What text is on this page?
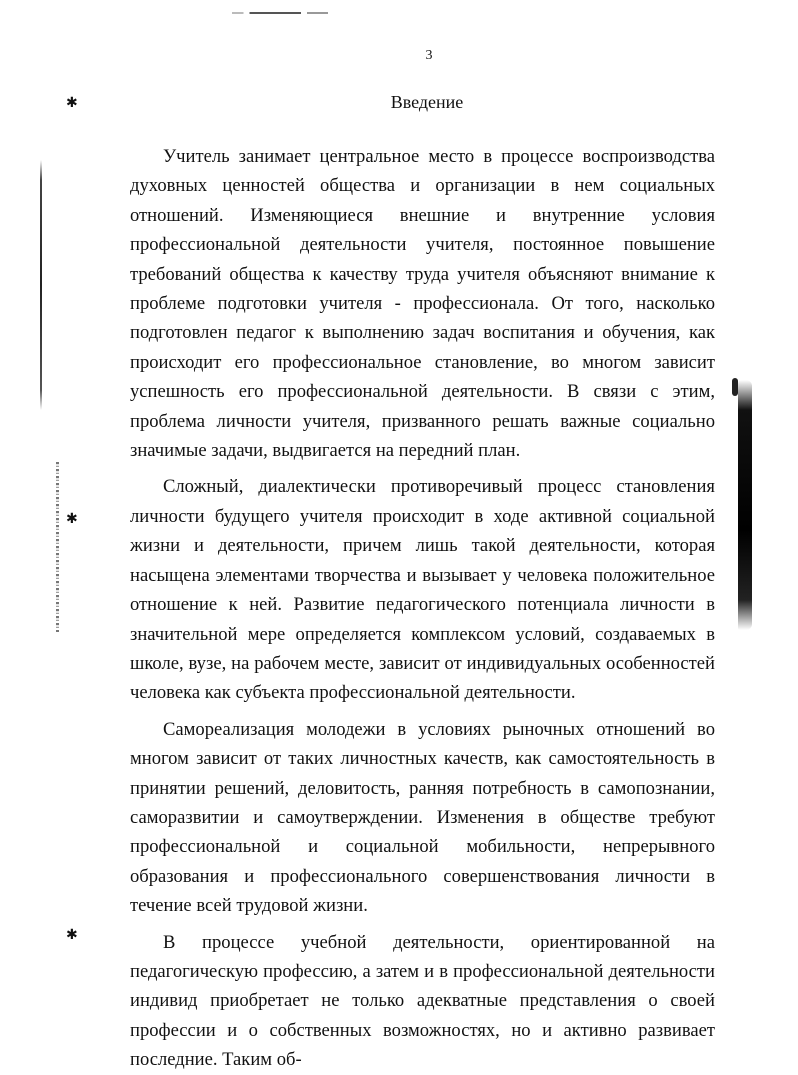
3
Введение

Учитель занимает центральное место в процессе воспроизводства духовных ценностей общества и организации в нем социальных отношений. Изменяющиеся внешние и внутренние условия профессиональной деятельности учителя, постоянное повышение требований общества к качеству труда учителя объясняют внимание к проблеме подготовки учителя - профессионала. От того, насколько подготовлен педагог к выполнению задач воспитания и обучения, как происходит его профессиональное становление, во многом зависит успешность его профессиональной деятельности. В связи с этим, проблема личности учителя, призванного решать важные социально значимые задачи, выдвигается на передний план.

Сложный, диалектически противоречивый процесс становления личности будущего учителя происходит в ходе активной социальной жизни и деятельности, причем лишь такой деятельности, которая насыщена элементами творчества и вызывает у человека положительное отношение к ней. Развитие педагогического потенциала личности в значительной мере определяется комплексом условий, создаваемых в школе, вузе, на рабочем месте, зависит от индивидуальных особенностей человека как субъекта профессиональной деятельности.

Самореализация молодежи в условиях рыночных отношений во многом зависит от таких личностных качеств, как самостоятельность в принятии решений, деловитость, ранняя потребность в самопознании, саморазвитии и самоутверждении. Изменения в обществе требуют профессиональной и социальной мобильности, непрерывного образования и профессионального совершенствования личности в течение всей трудовой жизни.

В процессе учебной деятельности, ориентированной на педагогическую профессию, а затем и в профессиональной деятельности индивид приобретает не только адекватные представления о своей профессии и о собственных возможностях, но и активно развивает последние. Таким об-

✱
✱
✱
